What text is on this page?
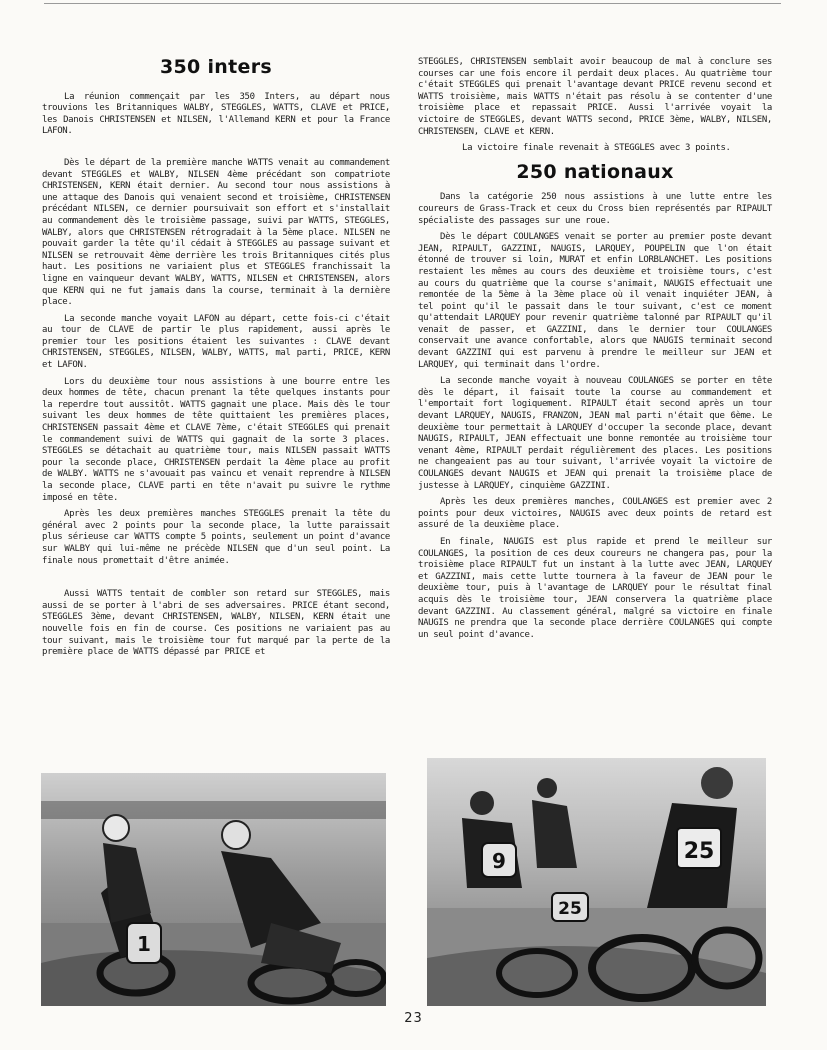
350 inters

La réunion commençait par les 350 Inters, au départ nous trouvions les Britanniques WALBY, STEGGLES, WATTS, CLAVE et PRICE, les Danois CHRISTENSEN et NILSEN, l'Allemand KERN et pour la France LAFON.

Dès le départ de la première manche WATTS venait au commandement devant STEGGLES et WALBY, NILSEN 4ème précédant son compatriote CHRISTENSEN, KERN était dernier. Au second tour nous assistions à une attaque des Danois qui venaient second et troisième, CHRISTENSEN précédant NILSEN, ce dernier poursuivait son effort et s'installait au commandement dès le troisième passage, suivi par WATTS, STEGGLES, WALBY, alors que CHRISTENSEN rétrogradait à la 5ème place. NILSEN ne pouvait garder la tête qu'il cédait à STEGGLES au passage suivant et NILSEN se retrouvait 4ème derrière les trois Britanniques cités plus haut. Les positions ne variaient plus et STEGGLES franchissait la ligne en vainqueur devant WALBY, WATTS, NILSEN et CHRISTENSEN, alors que KERN qui ne fut jamais dans la course, terminait à la dernière place.

La seconde manche voyait LAFON au départ, cette fois-ci c'était au tour de CLAVE de partir le plus rapidement, aussi après le premier tour les positions étaient les suivantes : CLAVE devant CHRISTENSEN, STEGGLES, NILSEN, WALBY, WATTS, mal parti, PRICE, KERN et LAFON.

Lors du deuxième tour nous assistions à une bourre entre les deux hommes de tête, chacun prenant la tête quelques instants pour la reperdre tout aussitôt. WATTS gagnait une place. Mais dès le tour suivant les deux hommes de tête quittaient les premières places, CHRISTENSEN passait 4ème et CLAVE 7ème, c'était STEGGLES qui prenait le commandement suivi de WATTS qui gagnait de la sorte 3 places. STEGGLES se détachait au quatrième tour, mais NILSEN passait WATTS pour la seconde place, CHRISTENSEN perdait la 4ème place au profit de WALBY. WATTS ne s'avouait pas vaincu et venait reprendre à NILSEN la seconde place, CLAVE parti en tête n'avait pu suivre le rythme imposé en tête.

Après les deux premières manches STEGGLES prenait la tête du général avec 2 points pour la seconde place, la lutte paraissait plus sérieuse car WATTS compte 5 points, seulement un point d'avance sur WALBY qui lui-même ne précède NILSEN que d'un seul point. La finale nous promettait d'être animée.

Aussi WATTS tentait de combler son retard sur STEGGLES, mais aussi de se porter à l'abri de ses adversaires. PRICE étant second, STEGGLES 3ème, devant CHRISTENSEN, WALBY, NILSEN, KERN était une nouvelle fois en fin de course. Ces positions ne variaient pas au tour suivant, mais le troisième tour fut marqué par la perte de la première place de WATTS dépassé par PRICE et

STEGGLES, CHRISTENSEN semblait avoir beaucoup de mal à conclure ses courses car une fois encore il perdait deux places. Au quatrième tour c'était STEGGLES qui prenait l'avantage devant PRICE revenu second et WATTS troisième, mais WATTS n'était pas résolu à se contenter d'une troisième place et repassait PRICE. Aussi l'arrivée voyait la victoire de STEGGLES, devant WATTS second, PRICE 3ème, WALBY, NILSEN, CHRISTENSEN, CLAVE et KERN.

La victoire finale revenait à STEGGLES avec 3 points.

250 nationaux

Dans la catégorie 250 nous assistions à une lutte entre les coureurs de Grass-Track et ceux du Cross bien représentés par RIPAULT spécialiste des passages sur une roue.

Dès le départ COULANGES venait se porter au premier poste devant JEAN, RIPAULT, GAZZINI, NAUGIS, LARQUEY, POUPELIN que l'on était étonné de trouver si loin, MURAT et enfin LORBLANCHET. Les positions restaient les mêmes au cours des deuxième et troisième tours, c'est au cours du quatrième que la course s'animait, NAUGIS effectuait une remontée de la 5ème à la 3ème place où il venait inquiéter JEAN, à tel point qu'il le passait dans le tour suivant, c'est ce moment qu'attendait LARQUEY pour revenir quatrième talonné par RIPAULT qu'il venait de passer, et GAZZINI, dans le dernier tour COULANGES conservait une avance confortable, alors que NAUGIS terminait second devant GAZZINI qui est parvenu à prendre le meilleur sur JEAN et LARQUEY, qui terminait dans l'ordre.

La seconde manche voyait à nouveau COULANGES se porter en tête dès le départ, il faisait toute la course au commandement et l'emportait fort logiquement. RIPAULT était second après un tour devant LARQUEY, NAUGIS, FRANZON, JEAN mal parti n'était que 6ème. Le deuxième tour permettait à LARQUEY d'occuper la seconde place, devant NAUGIS, RIPAULT, JEAN effectuait une bonne remontée au troisième tour venant 4ème, RIPAULT perdait régulièrement des places. Les positions ne changeaient pas au tour suivant, l'arrivée voyait la victoire de COULANGES devant NAUGIS et JEAN qui prenait la troisième place de justesse à LARQUEY, cinquième GAZZINI.

Après les deux premières manches, COULANGES est premier avec 2 points pour deux victoires, NAUGIS avec deux points de retard est assuré de la deuxième place.

En finale, NAUGIS est plus rapide et prend le meilleur sur COULANGES, la position de ces deux coureurs ne changera pas, pour la troisième place RIPAULT fut un instant à la lutte avec JEAN, LARQUEY et GAZZINI, mais cette lutte tournera à la faveur de JEAN pour le deuxième tour, puis à l'avantage de LARQUEY pour le résultat final acquis dès le troisième tour, JEAN conservera la quatrième place devant GAZZINI. Au classement général, malgré sa victoire en finale NAUGIS ne prendra que la seconde place derrière COULANGES qui compte un seul point d'avance.

1
9	25
25
23
